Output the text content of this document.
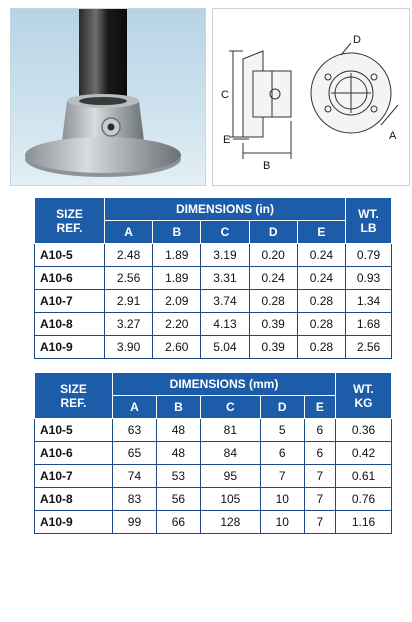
C
B
E
D
A
SIZE
REF.	DIMENSIONS (in)					WT.
LB
	A	B	C	D	E	
A10-5	2.48	1.89	3.19	0.20	0.24	0.79
A10-6	2.56	1.89	3.31	0.24	0.24	0.93
A10-7	2.91	2.09	3.74	0.28	0.28	1.34
A10-8	3.27	2.20	4.13	0.39	0.28	1.68
A10-9	3.90	2.60	5.04	0.39	0.28	2.56
SIZE
REF.	DIMENSIONS (mm)					WT.
KG
	A	B	C	D	E	
A10-5	63	48	81	5	6	0.36
A10-6	65	48	84	6	6	0.42
A10-7	74	53	95	7	7	0.61
A10-8	83	56	105	10	7	0.76
A10-9	99	66	128	10	7	1.16
